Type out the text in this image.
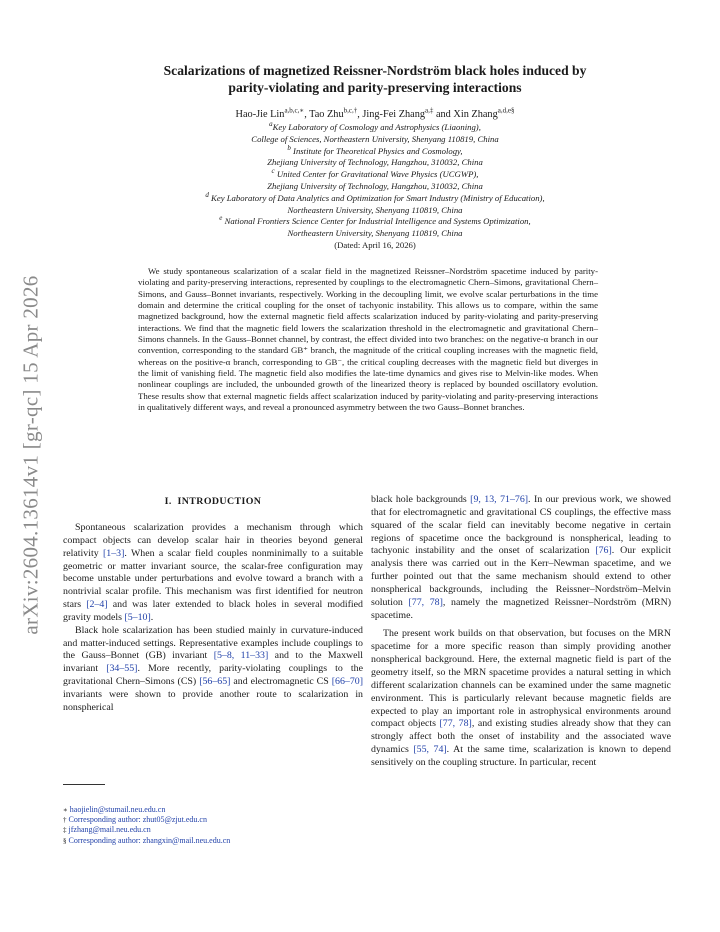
arXiv:2604.13614v1 [gr-qc] 15 Apr 2026
Scalarizations of magnetized Reissner-Nordström black holes induced by
parity-violating and parity-preserving interactions
Hao-Jie Lin$^{a,b,c,∗}$, Tao Zhu$^{b,c,\dagger}$, Jing-Fei Zhang$^{a,\ddagger}$ and Xin Zhang$^{a,d,e\S}$
$^a$Key Laboratory of Cosmology and Astrophysics (Liaoning),
College of Sciences, Northeastern University, Shenyang 110819, China
$^b$ Institute for Theoretical Physics and Cosmology,
Zhejiang University of Technology, Hangzhou, 310032, China
$^c$ United Center for Gravitational Wave Physics (UCGWP),
Zhejiang University of Technology, Hangzhou, 310032, China
$^d$ Key Laboratory of Data Analytics and Optimization for Smart Industry (Ministry of Education),
Northeastern University, Shenyang 110819, China
$^e$ National Frontiers Science Center for Industrial Intelligence and Systems Optimization,
Northeastern University, Shenyang 110819, China
(Dated: April 16, 2026)

We study spontaneous scalarization of a scalar field in the magnetized Reissner–Nordström spacetime induced by parity-violating and parity-preserving interactions, represented by couplings to the electromagnetic Chern–Simons, gravitational Chern–Simons, and Gauss–Bonnet invariants, respectively. Working in the decoupling limit, we evolve scalar perturbations in the time domain and determine the critical coupling for the onset of tachyonic instability. This allows us to compare, within the same magnetized background, how the external magnetic field affects scalarization induced by parity-violating and parity-preserving interactions. We find that the magnetic field lowers the scalarization threshold in the electromagnetic and gravitational Chern–Simons channels. In the Gauss–Bonnet channel, by contrast, the effect divided into two branches: on the negative-α branch in our convention, corresponding to the standard GB⁺ branch, the magnitude of the critical coupling increases with the magnetic field, whereas on the positive-α branch, corresponding to GB⁻, the critical coupling decreases with the magnetic field but diverges in the limit of vanishing field. The magnetic field also modifies the late-time dynamics and gives rise to Melvin-like modes. When nonlinear couplings are included, the unbounded growth of the linearized theory is replaced by bounded oscillatory evolution. These results show that external magnetic fields affect scalarization induced by parity-violating and parity-preserving interactions in qualitatively different ways, and reveal a pronounced asymmetry between the two Gauss–Bonnet branches.

I. INTRODUCTION

Spontaneous scalarization provides a mechanism through which compact objects can develop scalar hair in theories beyond general relativity [1–3]. When a scalar field couples nonminimally to a suitable geometric or matter invariant source, the scalar-free configuration may become unstable under perturbations and evolve toward a branch with a nontrivial scalar profile. This mechanism was first identified for neutron stars [2–4] and was later extended to black holes in several modified gravity models [5–10].

Black hole scalarization has been studied mainly in curvature-induced and matter-induced settings. Representative examples include couplings to the Gauss–Bonnet (GB) invariant [5–8, 11–33] and to the Maxwell invariant [34–55]. More recently, parity-violating couplings to the gravitational Chern–Simons (CS) [56–65] and electromagnetic CS [66–70] invariants were shown to provide another route to scalarization in nonspherical

black hole backgrounds [9, 13, 71–76]. In our previous work, we showed that for electromagnetic and gravitational CS couplings, the effective mass squared of the scalar field can inevitably become negative in certain regions of spacetime once the background is nonspherical, leading to tachyonic instability and the onset of scalarization [76]. Our explicit analysis there was carried out in the Kerr–Newman spacetime, and we further pointed out that the same mechanism should extend to other nonspherical backgrounds, including the Reissner–Nordström–Melvin solution [77, 78], namely the magnetized Reissner–Nordström (MRN) spacetime.

The present work builds on that observation, but focuses on the MRN spacetime for a more specific reason than simply providing another nonspherical background. Here, the external magnetic field is part of the geometry itself, so the MRN spacetime provides a natural setting in which different scalarization channels can be examined under the same magnetic environment. This is particularly relevant because magnetic fields are expected to play an important role in astrophysical environments around compact objects [77, 78], and existing studies already show that they can strongly affect both the onset of instability and the associated wave dynamics [55, 74]. At the same time, scalarization is known to depend sensitively on the coupling structure. In particular, recent

∗ haojielin@stumail.neu.edu.cn
† Corresponding author: zhut05@zjut.edu.cn
‡ jfzhang@mail.neu.edu.cn
§ Corresponding author: zhangxin@mail.neu.edu.cn
